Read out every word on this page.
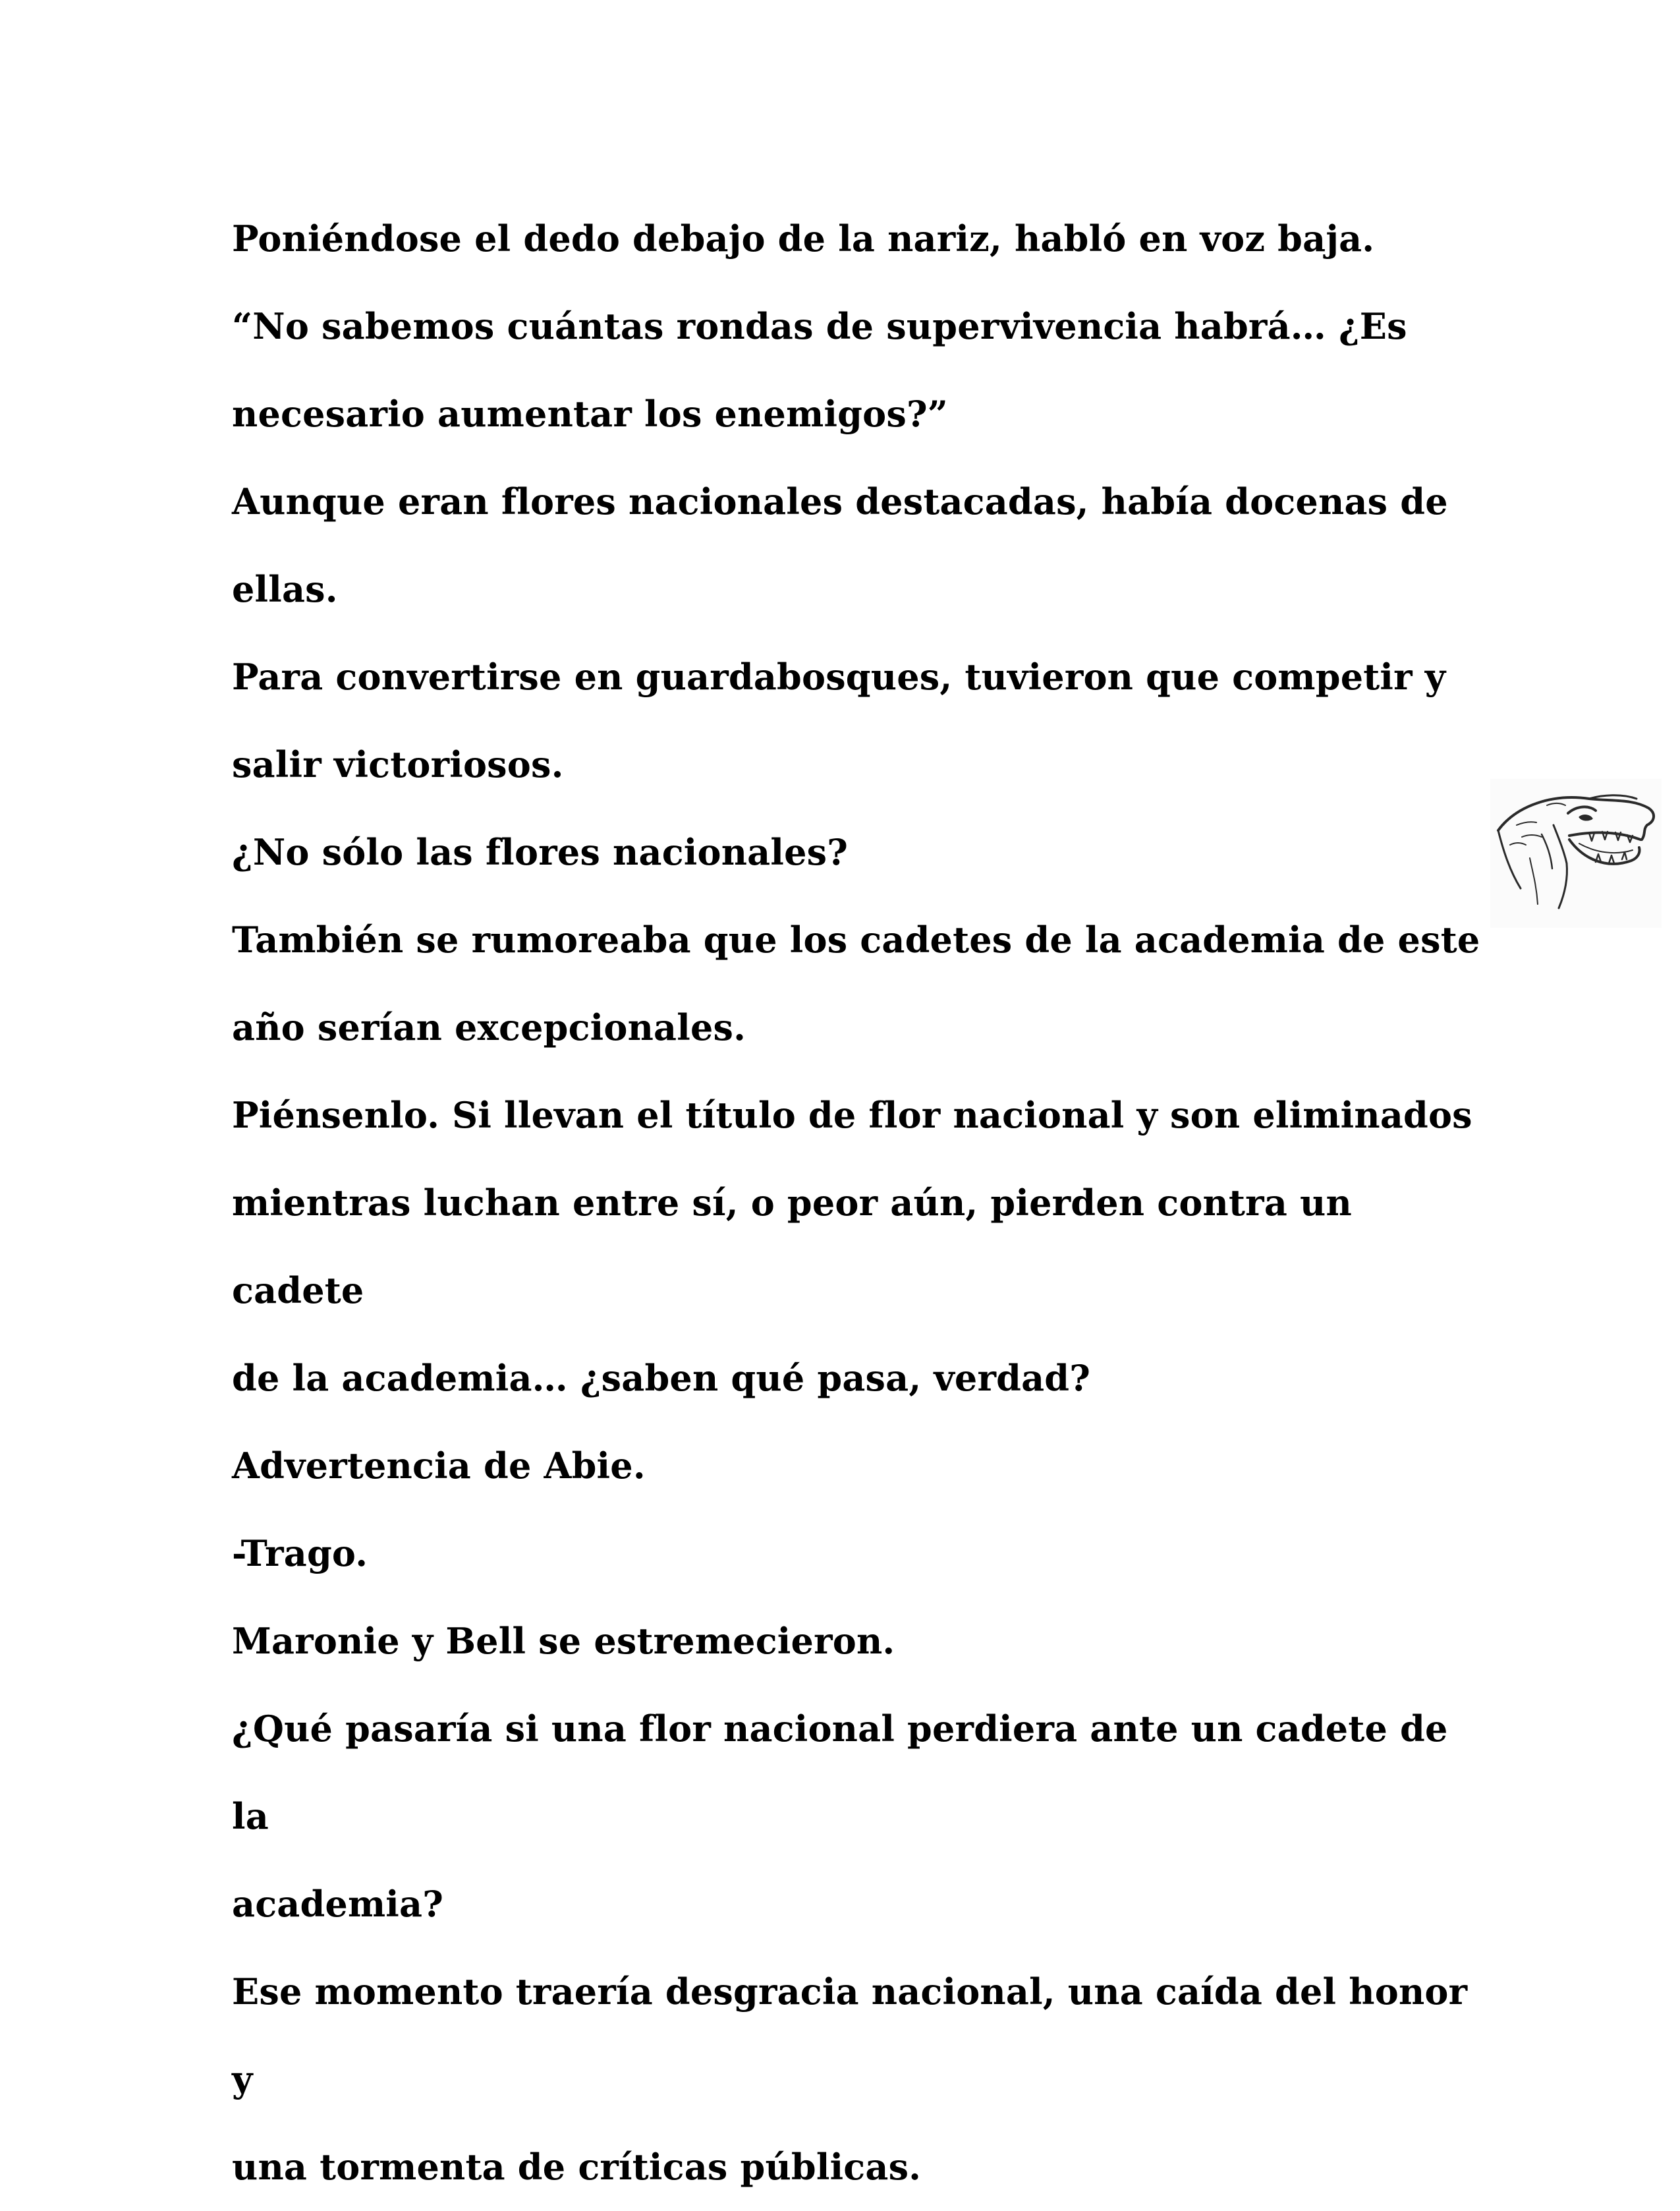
Poniéndose el dedo debajo de la nariz, habló en voz baja.
“No sabemos cuántas rondas de supervivencia habrá… ¿Es
necesario aumentar los enemigos?”
Aunque eran flores nacionales destacadas, había docenas de
ellas.
Para convertirse en guardabosques, tuvieron que competir y
salir victoriosos.
¿No sólo las flores nacionales?
También se rumoreaba que los cadetes de la academia de este
año serían excepcionales.
Piénsenlo. Si llevan el título de flor nacional y son eliminados
mientras luchan entre sí, o peor aún, pierden contra un cadete
de la academia… ¿saben qué pasa, verdad?
Advertencia de Abie.
-Trago.
Maronie y Bell se estremecieron.
¿Qué pasaría si una flor nacional perdiera ante un cadete de la
academia?
Ese momento traería desgracia nacional, una caída del honor y
una tormenta de críticas públicas.
